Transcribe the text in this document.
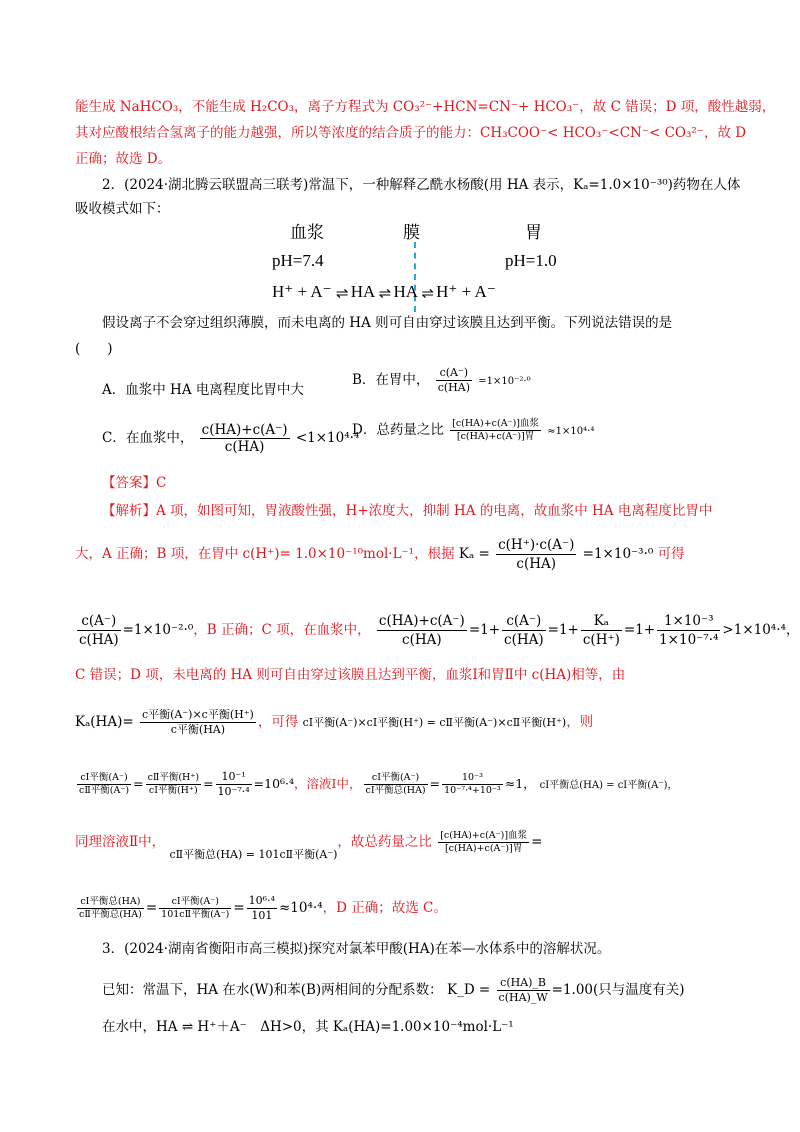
能生成 NaHCO₃，不能生成 H₂CO₃，离子方程式为 CO₃²⁻+HCN=CN⁻+ HCO₃⁻，故 C 错误；D 项，酸性越弱，
其对应酸根结合氢离子的能力越强，所以等浓度的结合质子的能力：CH₃COO⁻< HCO₃⁻<CN⁻< CO₃²⁻，故 D
正确；故选 D。
2．(2024·湖北腾云联盟高三联考)常温下，一种解释乙酰水杨酸(用 HA 表示，Kₐ=1.0×10⁻³⁰)药物在人体
吸收模式如下：
血浆	膜	胃
pH=7.4	pH=1.0
H⁺ + A⁻ ⇌ HA ⇌ HA ⇌ H⁺ + A⁻
假设离子不会穿过组织薄膜，而未电离的 HA 则可自由穿过该膜且达到平衡。下列说法错误的是
(　　)
A．血浆中 HA 电离程度比胃中大
B．在胃中， $\frac{c(A^-)}{c(HA)} =1\times 10^{-2}\cdot^0$
C．在血浆中， $\frac{c(HA)+c(A^-)}{c(HA)} <1\times 10^4\cdot^4$
D．总药量之比 [c(HA)+c(A⁻)]血浆
[c(HA)+c(A⁻)]胃	≈1×10⁴·⁴
【答案】C
【解析】A 项，如图可知，胃液酸性强，H+浓度大，抑制 HA 的电离，故血浆中 HA 电离程度比胃中
大，A 正确；B 项，在胃中 c(H⁺)= 1.0×10⁻¹⁰mol·L⁻¹，根据 $K_a = \frac{c(H^+)\cdot c(A^-)}{c(HA)} =1\times 10^{-3}\cdot^0$ 可得
$\frac{c(A^-)}{c(HA)} =1\times 10^{-2}\cdot^0$，B 正确；C 项，在血浆中， $\frac{c(HA)+c(A^-)}{c(HA)} =1+ \frac{c(A^-)}{c(HA)} =1+ \frac{\text{Kₐ}}{c(H^+)} =1+ \frac{\text{1×10⁻³}}{\text{1×10⁻⁷·⁴}} >1\times 10^4\cdot^4$，
C 错误；D 项，未电离的 HA 则可自由穿过该膜且达到平衡，血浆Ⅰ和胃Ⅱ中 c(HA)相等，由
Kₐ(HA)= c平衡(A⁻)×c平衡(H⁺)
c平衡(HA)	，可得 cⅠ平衡(A⁻)×cⅠ平衡(H⁺) = cⅡ平衡(A⁻)×cⅡ平衡(H⁺)，则
cⅠ平衡(A⁻)
cⅡ平衡(A⁻) = cⅡ平衡(H⁺)
cⅠ平衡$(H^+) = \frac{\text{10⁻¹}}{\text{10⁻⁷·⁴}} =10^6\cdot^4$，溶液Ⅰ中，	cⅠ平衡(A⁻)
cⅠ平衡总$(HA) = \frac{\text{10⁻³}}{\text{10⁻⁷·⁴+10⁻³}} \approx 1$， cⅠ平衡总(HA) = cⅠ平衡(A⁻)，
同理溶液Ⅱ中， $_{cⅡ平衡总(HA) = 101cⅡ平衡(A^-)}$，故总药量之比 [c(HA)+c(A⁻)]血浆
[c(HA)+c(A⁻)]胃 =
cⅠ平衡总(HA)
cⅡ平衡总(HA) =	cⅠ平衡(A⁻)
101cⅡ平衡$(A^-) = \frac{\text{10⁶·⁴}}{101} \approx 10^4\cdot^4$，D 正确；故选 C。
3．(2024·湖南省衡阳市高三模拟)探究对氯苯甲酸(HA)在苯—水体系中的溶解状况。
已知：常温下，HA 在水(W)和苯(B)两相间的分配系数： K_D = $\frac{c(HA)\_B}{c(HA)\_W} =1.00$(只与温度有关)
在水中，HA ⇌ H⁺＋A⁻　ΔH>0，其 Kₐ(HA)=1.00×10⁻⁴mol·L⁻¹
